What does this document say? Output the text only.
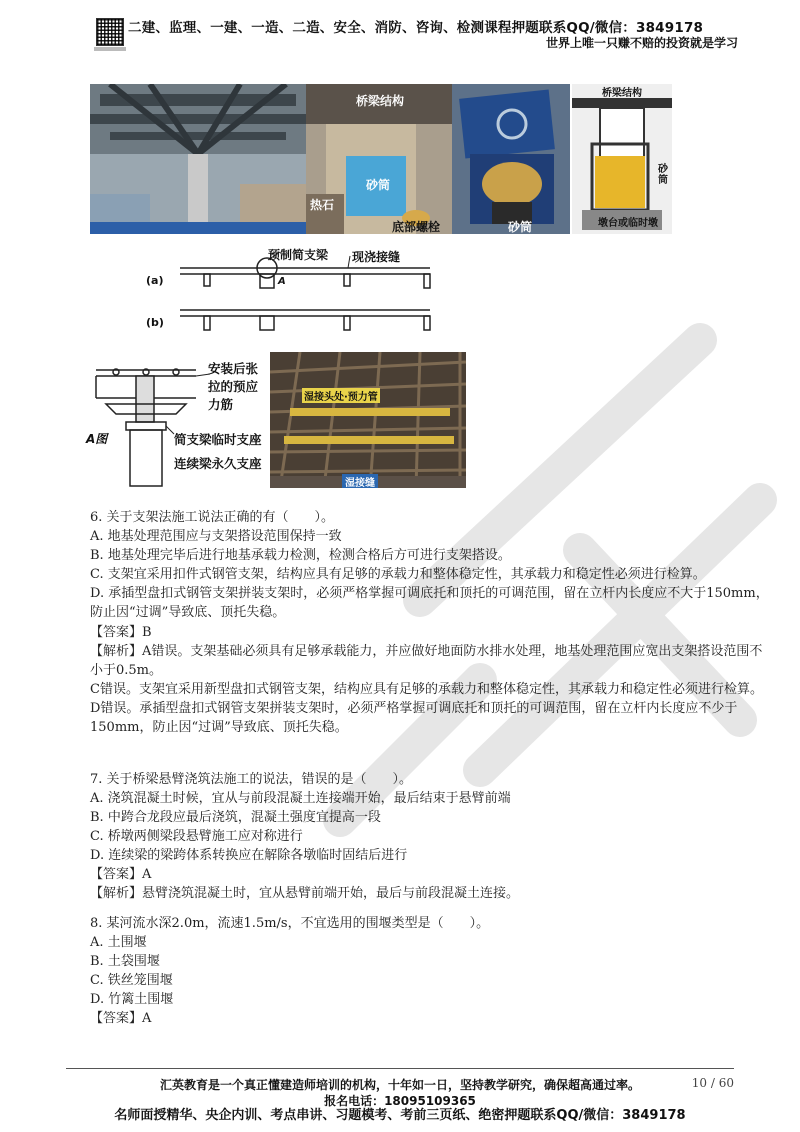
二建、监理、一建、一造、二造、安全、消防、咨询、检测课程押题联系QQ/微信：3849178
世界上唯一只赚不赔的投资就是学习
桥梁结构
砂筒
热石
底部螺栓	砂筒
桥梁结构
砂筒
墩台或临时墩
(a)
(b)
预制简支梁 现浇接缝
A
安装后张拉的预应力筋
简支梁临时支座
连续梁永久支座
A图
湿接头处·预力管
湿接缝
6. 关于支架法施工说法正确的有（　　）。
A. 地基处理范围应与支架搭设范围保持一致
B. 地基处理完毕后进行地基承载力检测，检测合格后方可进行支架搭设。
C. 支架宜采用扣件式钢管支架，结构应具有足够的承载力和整体稳定性，其承载力和稳定性必须进行检算。
D. 承插型盘扣式钢管支架拼装支架时，必须严格掌握可调底托和顶托的可调范围，留在立杆内长度应不大于150mm，防止因“过调”导致底、顶托失稳。
【答案】B
【解析】A错误。支架基础必须具有足够承载能力，并应做好地面防水排水处理，地基处理范围应宽出支架搭设范围不小于0.5m。
C错误。支架宜采用新型盘扣式钢管支架，结构应具有足够的承载力和整体稳定性，其承载力和稳定性必须进行检算。
D错误。承插型盘扣式钢管支架拼装支架时，必须严格掌握可调底托和顶托的可调范围，留在立杆内长度应不少于150mm，防止因“过调”导致底、顶托失稳。
7. 关于桥梁悬臂浇筑法施工的说法，错误的是（　　）。
A. 浇筑混凝土时候，宜从与前段混凝土连接端开始，最后结束于悬臂前端
B. 中跨合龙段应最后浇筑，混凝土强度宜提高一段
C. 桥墩两侧梁段悬臂施工应对称进行
D. 连续梁的梁跨体系转换应在解除各墩临时固结后进行
【答案】A
【解析】悬臂浇筑混凝土时，宜从悬臂前端开始，最后与前段混凝土连接。
8. 某河流水深2.0m，流速1.5m/s，不宜选用的围堰类型是（　　）。
A. 土围堰
B. 土袋围堰
C. 铁丝笼围堰
D. 竹篱土围堰
【答案】A
汇英教育是一个真正懂建造师培训的机构，十年如一日，坚持教学研究，确保超高通过率。	10 / 60
报名电话：18095109365
名师面授精华、央企内训、考点串讲、习题模考、考前三页纸、绝密押题联系QQ/微信：3849178
